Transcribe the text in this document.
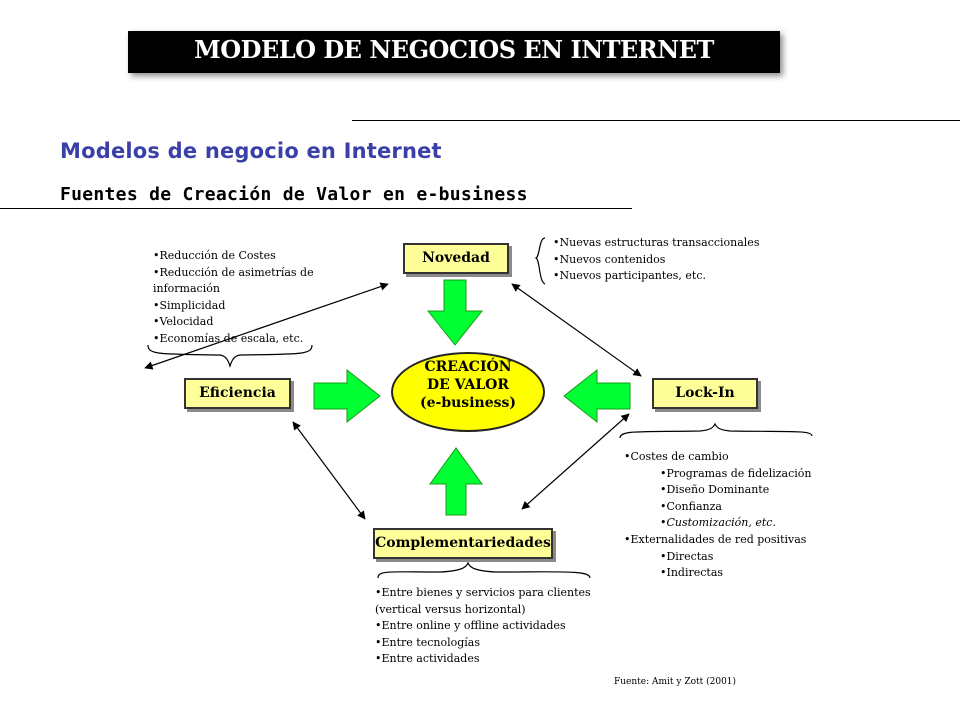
MODELO DE NEGOCIOS EN INTERNET
Modelos de negocio en Internet
Fuentes de Creación de Valor en e-business
Novedad
Eficiencia	Lock-In
Complementariedades
CREACIÓN
DE VALOR
(e-business)
•Nuevas estructuras transaccionales
•Nuevos contenidos
•Nuevos participantes, etc.
•Reducción de Costes
•Reducción de asimetrías de
información
•Simplicidad
•Velocidad
•Economías de escala, etc.
•Costes de cambio
•Programas de fidelización
•Diseño Dominante
•Confianza
•Customización, etc.
•Externalidades de red positivas
•Directas
•Indirectas
•Entre bienes y servicios para clientes
(vertical versus horizontal)
•Entre online y offline actividades
•Entre tecnologías
•Entre actividades
Fuente: Amit y Zott (2001)
